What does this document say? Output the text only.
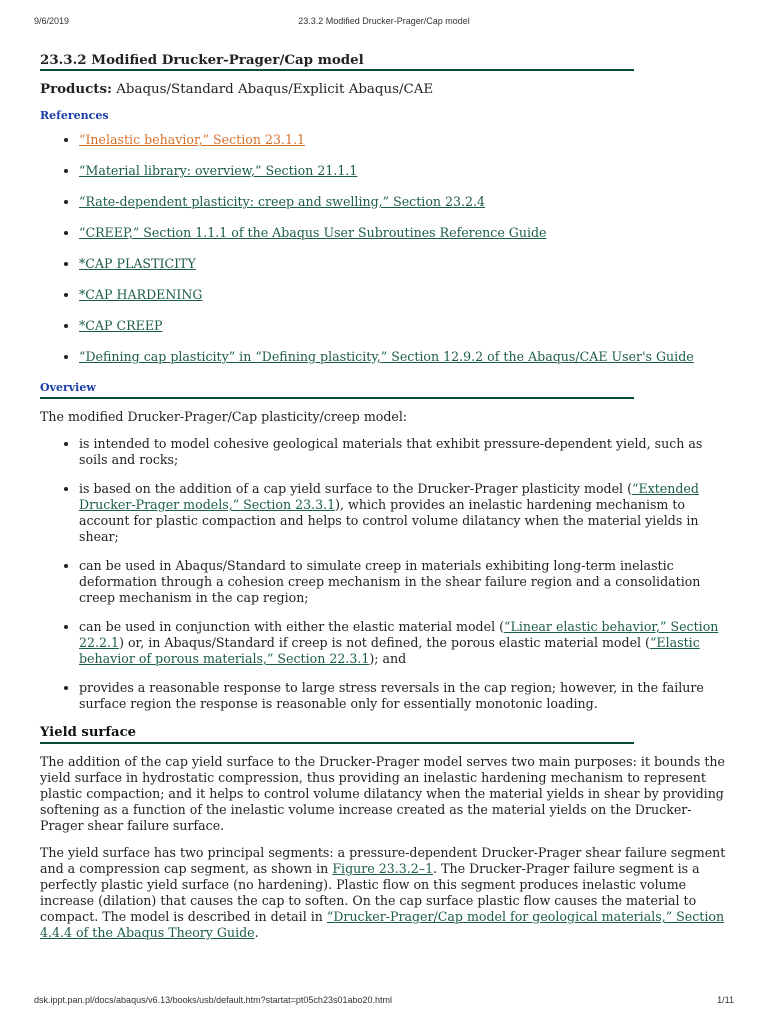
9/6/2019	23.3.2 Modified Drucker-Prager/Cap model
23.3.2 Modified Drucker-Prager/Cap model
Products: Abaqus/Standard Abaqus/Explicit Abaqus/CAE
References
• “Inelastic behavior,” Section 23.1.1
• “Material library: overview,” Section 21.1.1
• “Rate-dependent plasticity: creep and swelling,” Section 23.2.4
• “CREEP,” Section 1.1.1 of the Abaqus User Subroutines Reference Guide
• *CAP PLASTICITY
• *CAP HARDENING
• *CAP CREEP
• “Defining cap plasticity” in “Defining plasticity,” Section 12.9.2 of the Abaqus/CAE User's Guide
Overview

The modified Drucker-Prager/Cap plasticity/creep model:

• is intended to model cohesive geological materials that exhibit pressure-dependent yield, such as soils and rocks;
• is based on the addition of a cap yield surface to the Drucker-Prager plasticity model (“Extended Drucker-Prager models,” Section 23.3.1), which provides an inelastic hardening mechanism to account for plastic compaction and helps to control volume dilatancy when the material yields in shear;
• can be used in Abaqus/Standard to simulate creep in materials exhibiting long-term inelastic deformation through a cohesion creep mechanism in the shear failure region and a consolidation creep mechanism in the cap region;
• can be used in conjunction with either the elastic material model (“Linear elastic behavior,” Section 22.2.1) or, in Abaqus/Standard if creep is not defined, the porous elastic material model (“Elastic behavior of porous materials,” Section 22.3.1); and
• provides a reasonable response to large stress reversals in the cap region; however, in the failure surface region the response is reasonable only for essentially monotonic loading.
Yield surface

The addition of the cap yield surface to the Drucker-Prager model serves two main purposes: it bounds the yield surface in hydrostatic compression, thus providing an inelastic hardening mechanism to represent plastic compaction; and it helps to control volume dilatancy when the material yields in shear by providing softening as a function of the inelastic volume increase created as the material yields on the Drucker-Prager shear failure surface.

The yield surface has two principal segments: a pressure-dependent Drucker-Prager shear failure segment and a compression cap segment, as shown in Figure 23.3.2–1. The Drucker-Prager failure segment is a perfectly plastic yield surface (no hardening). Plastic flow on this segment produces inelastic volume increase (dilation) that causes the cap to soften. On the cap surface plastic flow causes the material to compact. The model is described in detail in “Drucker-Prager/Cap model for geological materials,” Section 4.4.4 of the Abaqus Theory Guide.

dsk.ippt.pan.pl/docs/abaqus/v6.13/books/usb/default.htm?startat=pt05ch23s01abo20.html	1/11
